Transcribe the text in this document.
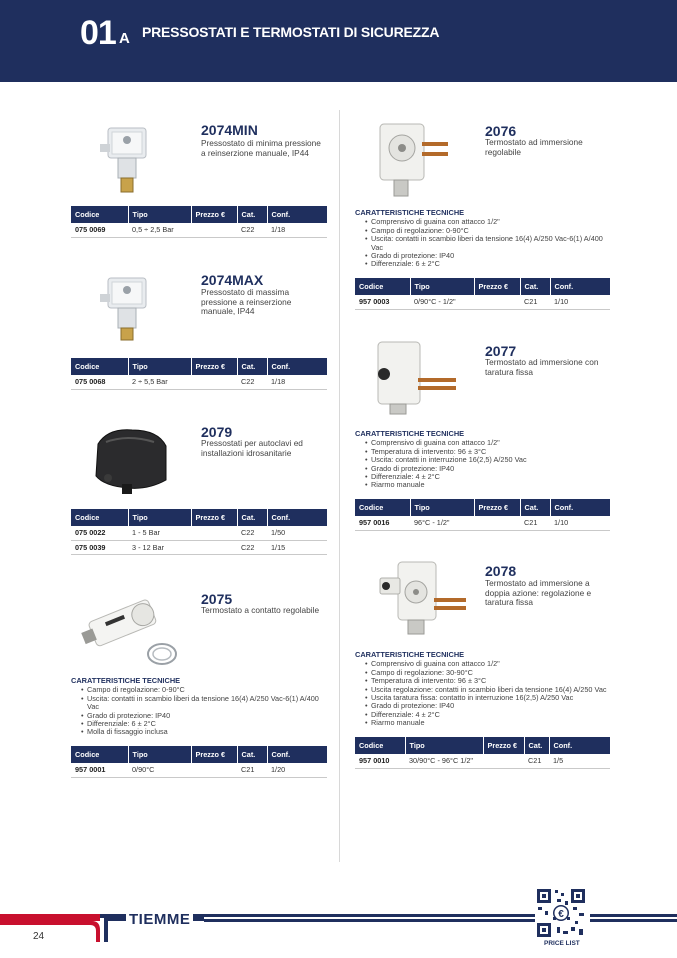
01 A PRESSOSTATI E TERMOSTATI DI SICUREZZA
2074MIN
Pressostato di minima pressione
a reinserzione manuale, IP44
Codice	Tipo	Prezzo €	Cat.	Conf.
075 0069	0,5 ÷ 2,5 Bar		C22	1/18
2074MAX
Pressostato di massima
pressione a reinserzione
manuale, IP44
Codice	Tipo	Prezzo €	Cat.	Conf.
075 0068	2 ÷ 5,5 Bar		C22	1/18
2079
Pressostati per autoclavi ed
installazioni idrosanitarie
Codice	Tipo	Prezzo €	Cat.	Conf.
075 0022	1 - 5 Bar		C22	1/50
075 0039	3 - 12 Bar		C22	1/15
2075
Termostato a contatto regolabile
CARATTERISTICHE TECNICHE
• Campo di regolazione: 0-90°C
• Uscita: contatti in scambio liberi da tensione 16(4) A/250 Vac-6(1) A/400
Vac
• Grado di protezione: IP40
• Differenziale: 6 ± 2°C
• Molla di fissaggio inclusa
Codice	Tipo	Prezzo €	Cat.	Conf.
957 0001	0/90°C		C21	1/20
2076
Termostato ad immersione
regolabile
CARATTERISTICHE TECNICHE
• Comprensivo di guaina con attacco 1/2"
• Campo di regolazione: 0-90°C
• Uscita: contatti in scambio liberi da tensione 16(4) A/250 Vac-6(1) A/400
Vac
• Grado di protezione: IP40
• Differenziale: 6 ± 2°C
Codice	Tipo	Prezzo €	Cat.	Conf.
957 0003	0/90°C - 1/2"		C21	1/10
2077
Termostato ad immersione con
taratura fissa
CARATTERISTICHE TECNICHE
• Comprensivo di guaina con attacco 1/2"
• Temperatura di intervento: 96 ± 3°C
• Uscita: contatti in interruzione 16(2,5) A/250 Vac
• Grado di protezione: IP40
• Differenziale: 4 ± 2°C
• Riarmo manuale
Codice	Tipo	Prezzo €	Cat.	Conf.
957 0016	96°C - 1/2"		C21	1/10
2078
Termostato ad immersione a
doppia azione: regolazione e
taratura fissa
CARATTERISTICHE TECNICHE
• Comprensivo di guaina con attacco 1/2"
• Campo di regolazione: 30-90°C
• Temperatura di intervento: 96 ± 3°C
• Uscita regolazione: contatti in scambio liberi da tensione 16(4) A/250 Vac
• Uscita taratura fissa: contatto in interruzione 16(2,5) A/250 Vac
• Grado di protezione: IP40
• Differenziale: 4 ± 2°C
• Riarmo manuale
Codice	Tipo	Prezzo €	Cat.	Conf.
957 0010	30/90°C - 96°C 1/2"		C21	1/5
TIEMME
24
€
PRICE LIST
